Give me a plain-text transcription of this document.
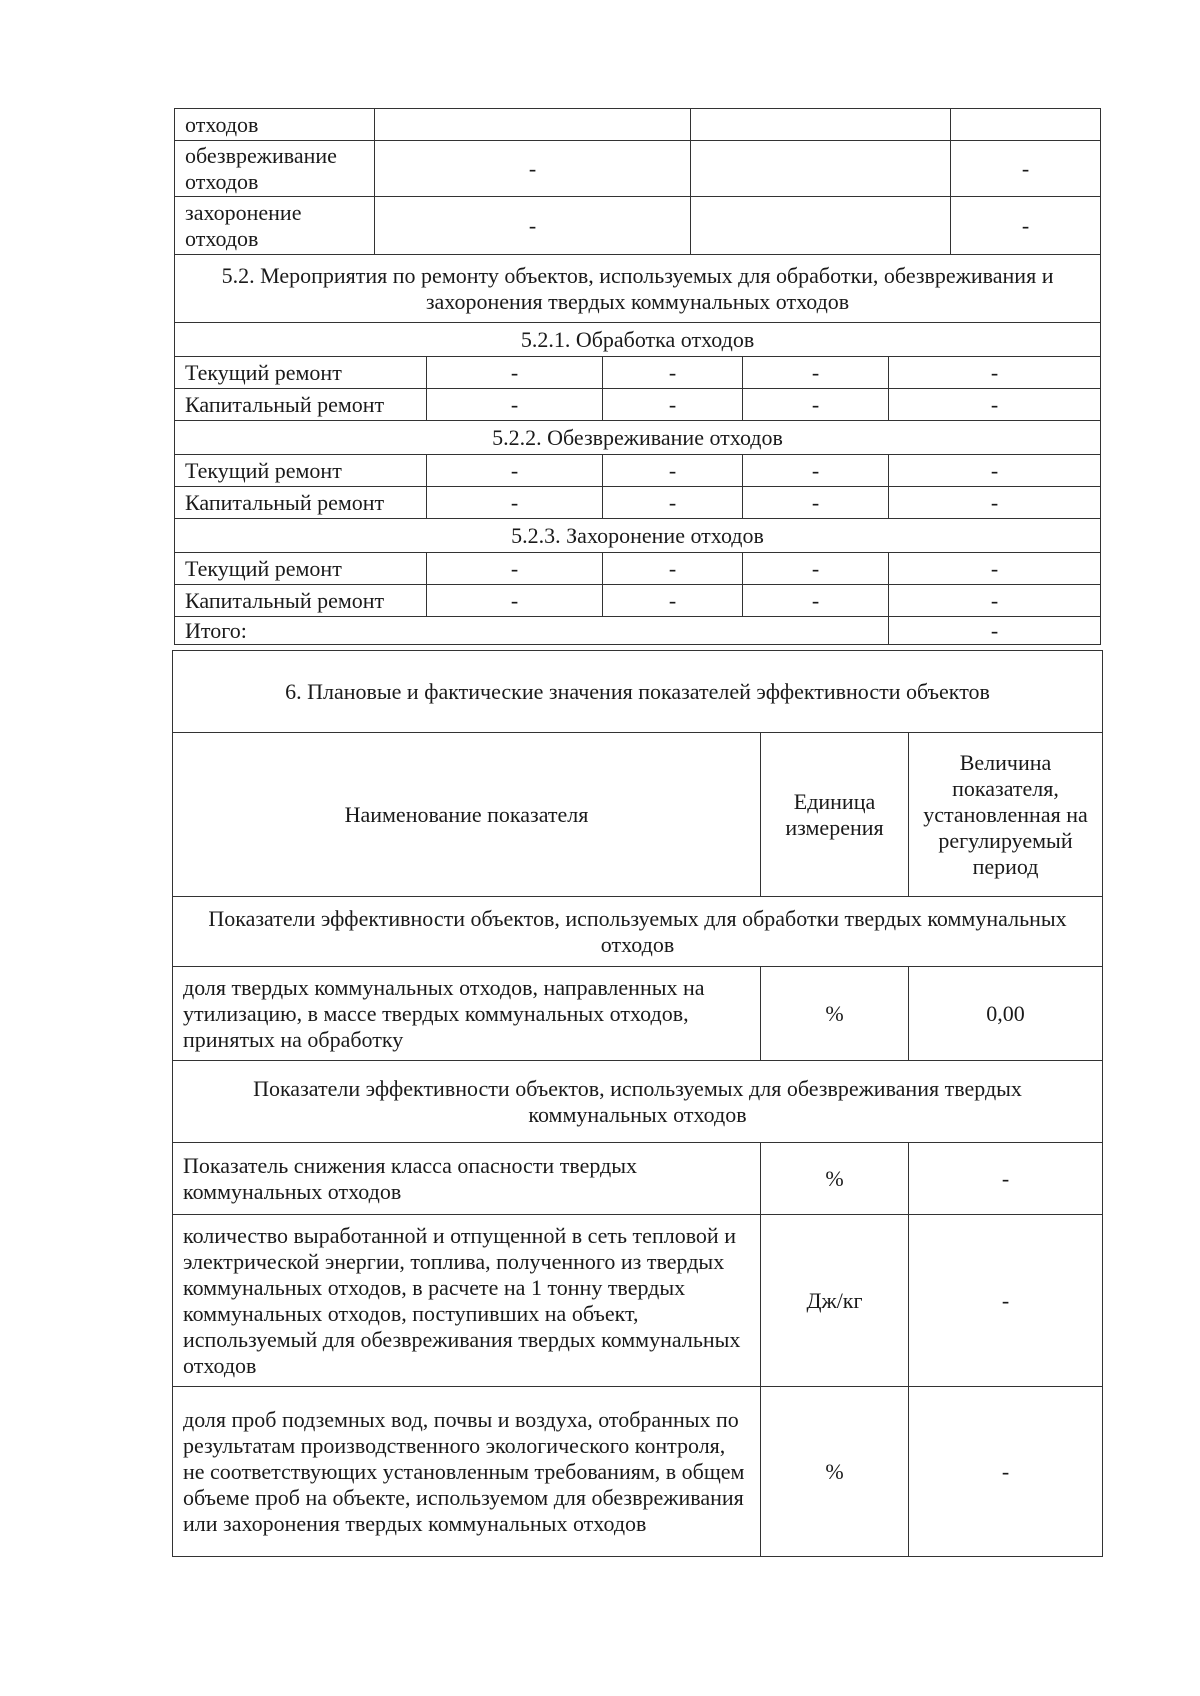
отходов			
обезвреживание отходов	-		-
захоронение отходов	-		-
5.2. Мероприятия по ремонту объектов, используемых для обработки, обезвреживания и захоронения твердых коммунальных отходов				
5.2.1. Обработка отходов				
Текущий ремонт	-	-	-	-
Капитальный ремонт	-	-	-	-
5.2.2. Обезвреживание отходов				
Текущий ремонт	-	-	-	-
Капитальный ремонт	-	-	-	-
5.2.3. Захоронение отходов				
Текущий ремонт	-	-	-	-
Капитальный ремонт	-	-	-	-
Итого:				-
6. Плановые и фактические значения показателей эффективности объектов		
Наименование показателя	Единица измерения	Величина показателя, установленная на регулируемый период
Показатели эффективности объектов, используемых для обработки твердых коммунальных отходов		
доля твердых коммунальных отходов, направленных на утилизацию, в массе твердых коммунальных отходов, принятых на обработку	%	0,00
Показатели эффективности объектов, используемых для обезвреживания твердых коммунальных отходов		
Показатель снижения класса опасности твердых коммунальных отходов	%	-
количество выработанной и отпущенной в сеть тепловой и электрической энергии, топлива, полученного из твердых коммунальных отходов, в расчете на 1 тонну твердых коммунальных отходов, поступивших на объект, используемый для обезвреживания твердых коммунальных отходов	Дж/кг	-
доля проб подземных вод, почвы и воздуха, отобранных по результатам производственного экологического контроля, не соответствующих установленным требованиям, в общем объеме проб на объекте, используемом для обезвреживания или захоронения твердых коммунальных отходов	%	-
